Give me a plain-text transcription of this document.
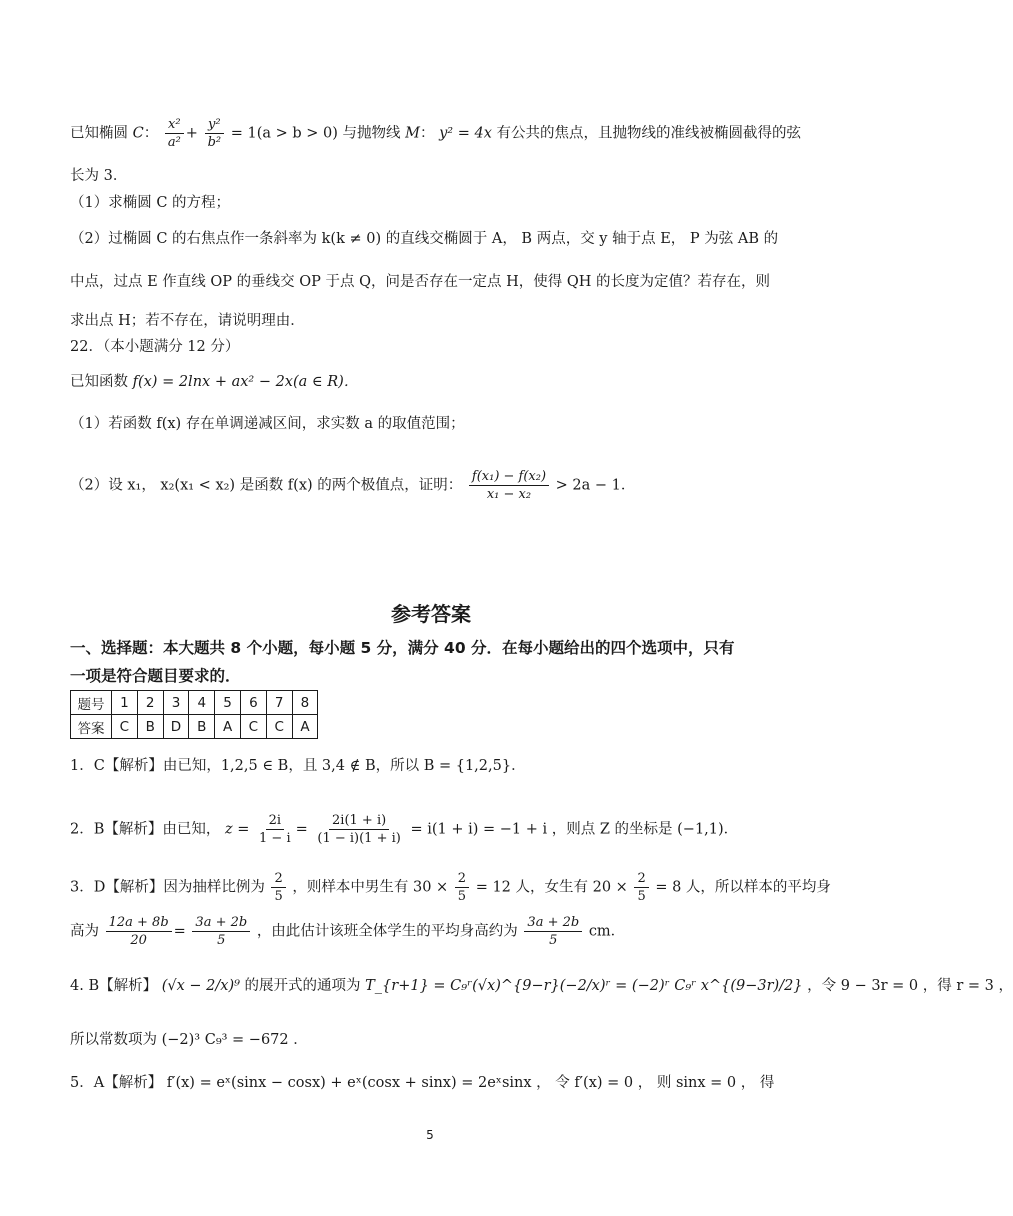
已知椭圆 C： $\frac{\text{x²}}{\text{a²}} + \frac{\text{y²}}{\text{b²}} = 1(a > b > 0)$ 与抛物线 M： y² = 4x 有公共的焦点，且抛物线的准线被椭圆截得的弦
长为 3．
（1）求椭圆 C 的方程；
（2）过椭圆 C 的右焦点作一条斜率为 k(k ≠ 0) 的直线交椭圆于 A， B 两点，交 y 轴于点 E， P 为弦 AB 的
中点，过点 E 作直线 OP 的垂线交 OP 于点 Q，问是否存在一定点 H，使得 QH 的长度为定值？若存在，则
求出点 H；若不存在，请说明理由．
22．（本小题满分 12 分）
已知函数 f(x) = 2lnx + ax² − 2x(a ∈ R)．
（1）若函数 f(x) 存在单调递减区间，求实数 a 的取值范围；
（2）设 x₁， x₂(x₁ < x₂) 是函数 f(x) 的两个极值点，证明： $\frac{\text{f(x₁) − f(x₂)}}{\text{x₁ − x₂}} > 2a - 1$．
参考答案
一、选择题：本大题共 8 个小题，每小题 5 分，满分 40 分．在每小题给出的四个选项中，只有
一项是符合题目要求的．
题号	1	2	3	4	5	6	7	8
答案	C	B	D	B	A	C	C	A
1．C【解析】由已知，1,2,5 ∈ B，且 3,4 ∉ B，所以 B = {1,2,5}．
2．B【解析】由已知， $z = \frac{2i}{1 - i} = \frac{2i(1 + i)}{(1 - i)(1 + i)} = i(1 + i) = -1 + i$ ，则点 Z 的坐标是 (−1,1)．
3．D【解析】因为抽样比例为 $\frac{2}{5}$ ，则样本中男生有 $30 \times \frac{2}{5} = 12$ 人，女生有 $20 \times \frac{2}{5} = 8$ 人，所以样本的平均身
高为 $\frac{12a + 8b}{20} = \frac{3a + 2b}{5}$ ，由此估计该班全体学生的平均身高约为 $\frac{3a + 2b}{5}$ cm．
4. B【解析】 (√x − 2/x)⁹ 的展开式的通项为 T_{r+1} = C₉ʳ(√x)^{9−r}(−2/x)ʳ = (−2)ʳ C₉ʳ x^{(9−3r)/2} ，令 9 − 3r = 0 ，得 r = 3 ，
所以常数项为 (−2)³ C₉³ = −672 ．
5．A【解析】 f′(x) = eˣ(sinx − cosx) + eˣ(cosx + sinx) = 2eˣsinx ， 令 f′(x) = 0 ， 则 sinx = 0 ， 得
5
